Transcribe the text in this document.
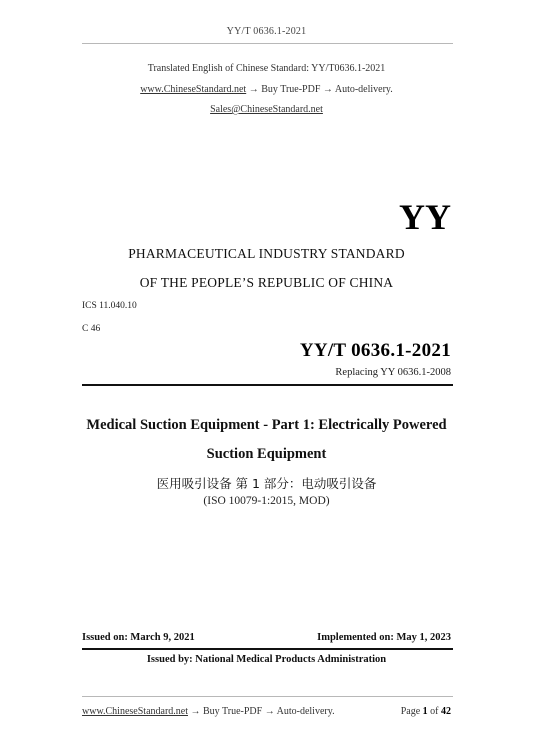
YY/T 0636.1-2021
Translated English of Chinese Standard: YY/T0636.1-2021
www.ChineseStandard.net → Buy True-PDF → Auto-delivery.
Sales@ChineseStandard.net
YY
PHARMACEUTICAL INDUSTRY STANDARD
OF THE PEOPLE’S REPUBLIC OF CHINA
ICS 11.040.10
C 46
YY/T 0636.1-2021
Replacing YY 0636.1-2008
Medical Suction Equipment - Part 1: Electrically Powered
Suction Equipment
医用吸引设备 第 1 部分：电动吸引设备
(ISO 10079-1:2015, MOD)
Issued on: March 9, 2021	Implemented on: May 1, 2023
Issued by: National Medical Products Administration
www.ChineseStandard.net → Buy True-PDF → Auto-delivery.	Page 1 of 42
